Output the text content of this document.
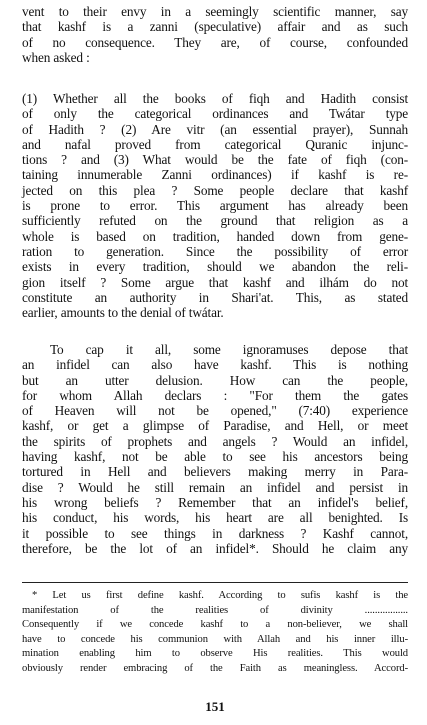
vent to their envy in a seemingly scientific manner, say
that kashf is a zanni (speculative) affair and as such
of no consequence. They are, of course, confounded
when asked :
(1) Whether all the books of fiqh and Hadith consist
of only the categorical ordinances and Twátar type
of Hadith ? (2) Are vitr (an essential prayer), Sunnah
and nafal proved from categorical Quranic injunc-
tions ? and (3) What would be the fate of fiqh (con-
taining innumerable Zanni ordinances) if kashf is re-
jected on this plea ? Some people declare that kashf
is prone to error. This argument has already been
sufficiently refuted on the ground that religion as a
whole is based on tradition, handed down from gene-
ration to generation. Since the possibility of error
exists in every tradition, should we abandon the reli-
gion itself ? Some argue that kashf and ilhám do not
constitute an authority in Shari'at. This, as stated
earlier, amounts to the denial of twátar.
To cap it all, some ignoramuses depose that
an infidel can also have kashf. This is nothing
but an utter delusion. How can the people,
for whom Allah declars : "For them the gates
of Heaven will not be opened," (7:40) experience
kashf, or get a glimpse of Paradise, and Hell, or meet
the spirits of prophets and angels ? Would an infidel,
having kashf, not be able to see his ancestors being
tortured in Hell and believers making merry in Para-
dise ? Would he still remain an infidel and persist in
his wrong beliefs ? Remember that an infidel's belief,
his conduct, his words, his heart are all benighted. Is
it possible to see things in darkness ? Kashf cannot,
therefore, be the lot of an infidel*. Should he claim any
* Let us first define kashf. According to sufis kashf is the
manifestation of the realities of divinity .................
Consequently if we concede kashf to a non-believer, we shall
have to concede his communion with Allah and his inner illu-
mination enabling him to observe His realities. This would
obviously render embracing of the Faith as meaningless. Accord-
151
